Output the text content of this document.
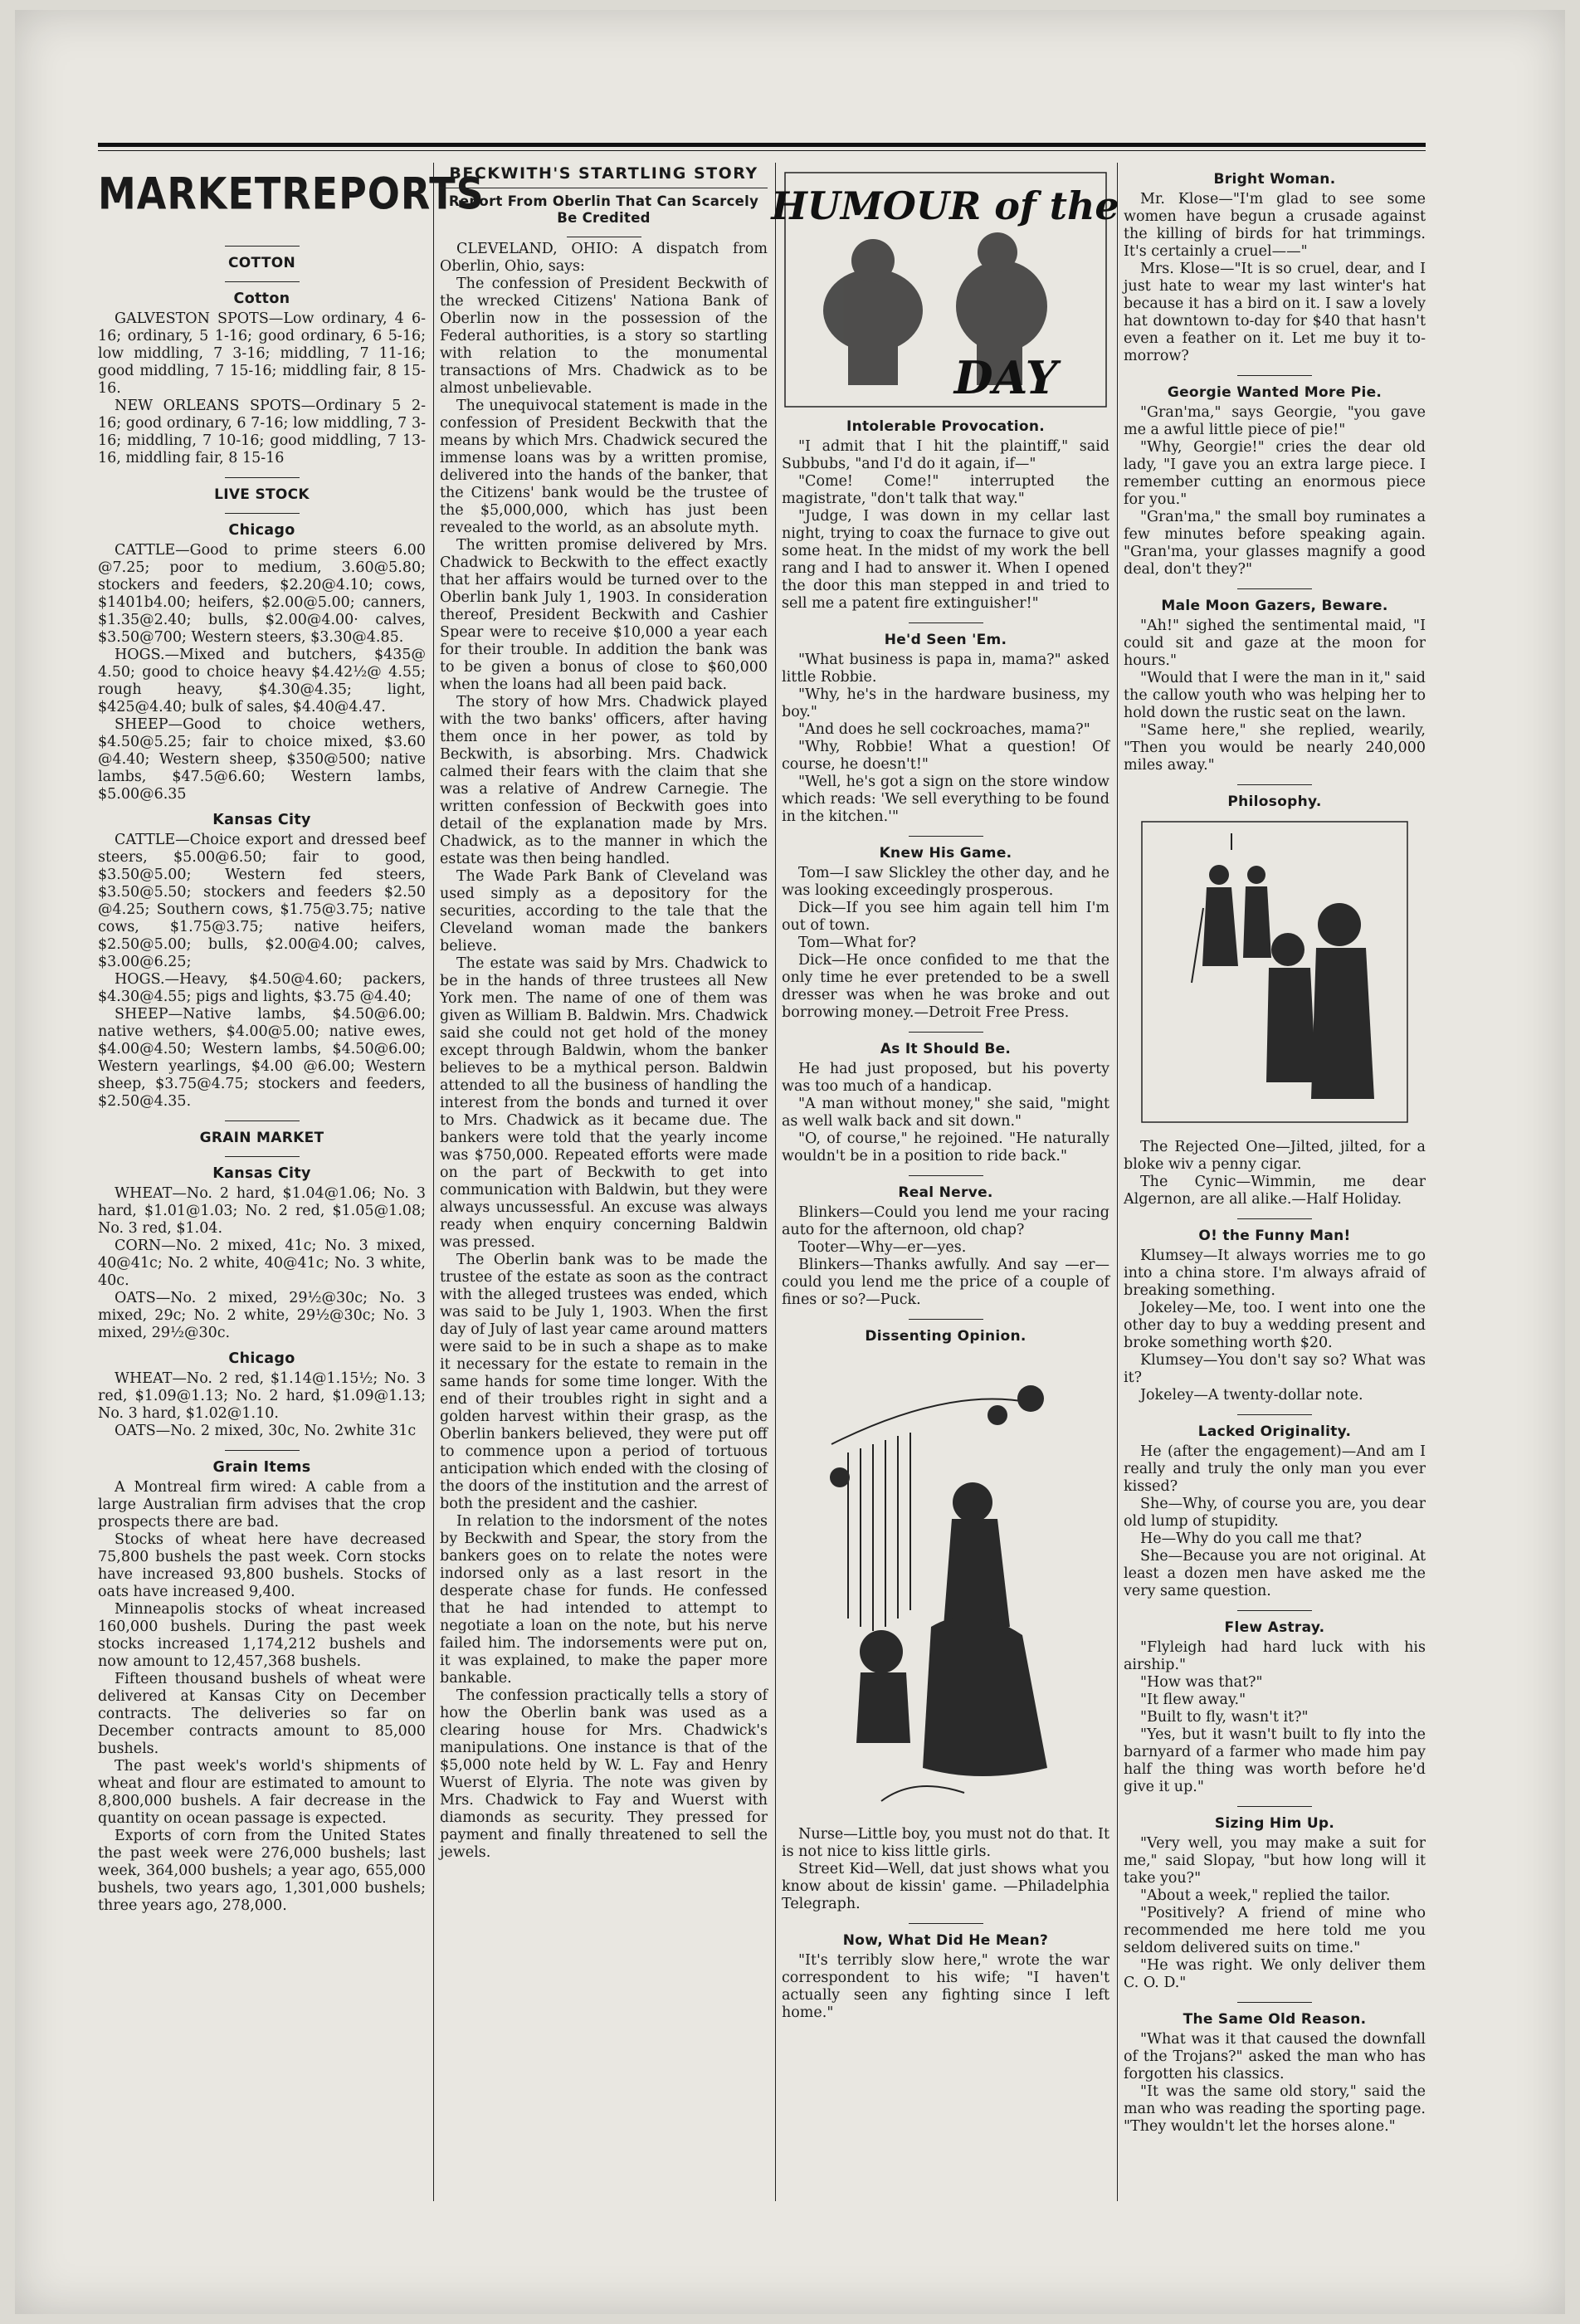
MARKET REPORTS
COTTON
Cotton

GALVESTON SPOTS—Low ordinary, 4 6-16; ordinary, 5 1-16; good ordinary, 6 5-16; low middling, 7 3-16; middling, 7 11-16; good middling, 7 15-16; middling fair, 8 15-16.

NEW ORLEANS SPOTS—Ordinary 5 2-16; good ordinary, 6 7-16; low middling, 7 3-16; middling, 7 10-16; good middling, 7 13-16, middling fair, 8 15-16

LIVE STOCK
Chicago

CATTLE—Good to prime steers 6.00 @7.25; poor to medium, 3.60@5.80; stockers and feeders, $2.20@4.10; cows, $1401b4.00; heifers, $2.00@5.00; canners, $1.35@2.40; bulls, $2.00@4.00· calves, $3.50@700; Western steers, $3.30@4.85.

HOGS.—Mixed and butchers, $435@ 4.50; good to choice heavy $4.42½@ 4.55; rough heavy, $4.30@4.35; light, $425@4.40; bulk of sales, $4.40@4.47.

SHEEP—Good to choice wethers, $4.50@5.25; fair to choice mixed, $3.60 @4.40; Western sheep, $350@500; native lambs, $47.5@6.60; Western lambs, $5.00@6.35

Kansas City

CATTLE—Choice export and dressed beef steers, $5.00@6.50; fair to good, $3.50@5.00; Western fed steers, $3.50@5.50; stockers and feeders $2.50 @4.25; Southern cows, $1.75@3.75; native cows, $1.75@3.75; native heifers, $2.50@5.00; bulls, $2.00@4.00; calves, $3.00@6.25;

HOGS.—Heavy, $4.50@4.60; packers, $4.30@4.55; pigs and lights, $3.75 @4.40;

SHEEP—Native lambs, $4.50@6.00; native wethers, $4.00@5.00; native ewes, $4.00@4.50; Western lambs, $4.50@6.00; Western yearlings, $4.00 @6.00; Western sheep, $3.75@4.75; stockers and feeders, $2.50@4.35.

GRAIN MARKET
Kansas City

WHEAT—No. 2 hard, $1.04@1.06; No. 3 hard, $1.01@1.03; No. 2 red, $1.05@1.08; No. 3 red, $1.04.

CORN—No. 2 mixed, 41c; No. 3 mixed, 40@41c; No. 2 white, 40@41c; No. 3 white, 40c.

OATS—No. 2 mixed, 29½@30c; No. 3 mixed, 29c; No. 2 white, 29½@30c; No. 3 mixed, 29½@30c.

Chicago

WHEAT—No. 2 red, $1.14@1.15½; No. 3 red, $1.09@1.13; No. 2 hard, $1.09@1.13; No. 3 hard, $1.02@1.10.

OATS—No. 2 mixed, 30c, No. 2white 31c

Grain Items

A Montreal firm wired: A cable from a large Australian firm advises that the crop prospects there are bad.

Stocks of wheat here have decreased 75,800 bushels the past week. Corn stocks have increased 93,800 bushels. Stocks of oats have increased 9,400.

Minneapolis stocks of wheat increased 160,000 bushels. During the past week stocks increased 1,174,212 bushels and now amount to 12,457,368 bushels.

Fifteen thousand bushels of wheat were delivered at Kansas City on December contracts. The deliveries so far on December contracts amount to 85,000 bushels.

The past week's world's shipments of wheat and flour are estimated to amount to 8,800,000 bushels. A fair decrease in the quantity on ocean passage is expected.

Exports of corn from the United States the past week were 276,000 bushels; last week, 364,000 bushels; a year ago, 655,000 bushels, two years ago, 1,301,000 bushels; three years ago, 278,000.

BECKWITH'S STARTLING STORY
Report From Oberlin That Can Scarcely Be Credited

CLEVELAND, OHIO: A dispatch from Oberlin, Ohio, says:

The confession of President Beckwith of the wrecked Citizens' Nationa Bank of Oberlin now in the possession of the Federal authorities, is a story so startling with relation to the monumental transactions of Mrs. Chadwick as to be almost unbelievable.

The unequivocal statement is made in the confession of President Beckwith that the means by which Mrs. Chadwick secured the immense loans was by a written promise, delivered into the hands of the banker, that the Citizens' bank would be the trustee of the $5,000,000, which has just been revealed to the world, as an absolute myth.

The written promise delivered by Mrs. Chadwick to Beckwith to the effect exactly that her affairs would be turned over to the Oberlin bank July 1, 1903. In consideration thereof, President Beckwith and Cashier Spear were to receive $10,000 a year each for their trouble. In addition the bank was to be given a bonus of close to $60,000 when the loans had all been paid back.

The story of how Mrs. Chadwick played with the two banks' officers, after having them once in her power, as told by Beckwith, is absorbing. Mrs. Chadwick calmed their fears with the claim that she was a relative of Andrew Carnegie. The written confession of Beckwith goes into detail of the explanation made by Mrs. Chadwick, as to the manner in which the estate was then being handled.

The Wade Park Bank of Cleveland was used simply as a depository for the securities, according to the tale that the Cleveland woman made the bankers believe.

The estate was said by Mrs. Chadwick to be in the hands of three trustees all New York men. The name of one of them was given as William B. Baldwin. Mrs. Chadwick said she could not get hold of the money except through Baldwin, whom the banker believes to be a mythical person. Baldwin attended to all the business of handling the interest from the bonds and turned it over to Mrs. Chadwick as it became due. The bankers were told that the yearly income was $750,000. Repeated efforts were made on the part of Beckwith to get into communication with Baldwin, but they were always uncussessful. An excuse was always ready when enquiry concerning Baldwin was pressed.

The Oberlin bank was to be made the trustee of the estate as soon as the contract with the alleged trustees was ended, which was said to be July 1, 1903. When the first day of July of last year came around matters were said to be in such a shape as to make it necessary for the estate to remain in the same hands for some time longer. With the end of their troubles right in sight and a golden harvest within their grasp, as the Oberlin bankers believed, they were put off to commence upon a period of tortuous anticipation which ended with the closing of the doors of the institution and the arrest of both the president and the cashier.

In relation to the indorsment of the notes by Beckwith and Spear, the story from the bankers goes on to relate the notes were indorsed only as a last resort in the desperate chase for funds. He confessed that he had intended to attempt to negotiate a loan on the note, but his nerve failed him. The indorsements were put on, it was explained, to make the paper more bankable.

The confession practically tells a story of how the Oberlin bank was used as a clearing house for Mrs. Chadwick's manipulations. One instance is that of the $5,000 note held by W. L. Fay and Henry Wuerst of Elyria. The note was given by Mrs. Chadwick to Fay and Wuerst with diamonds as security. They pressed for payment and finally threatened to sell the jewels.

HUMOUR of the
DAY
Intolerable Provocation.

"I admit that I hit the plaintiff," said Subbubs, "and I'd do it again, if—"

"Come! Come!" interrupted the magistrate, "don't talk that way."

"Judge, I was down in my cellar last night, trying to coax the furnace to give out some heat. In the midst of my work the bell rang and I had to answer it. When I opened the door this man stepped in and tried to sell me a patent fire extinguisher!"

He'd Seen 'Em.

"What business is papa in, mama?" asked little Robbie.

"Why, he's in the hardware business, my boy."

"And does he sell cockroaches, mama?"

"Why, Robbie! What a question! Of course, he doesn't!"

"Well, he's got a sign on the store window which reads: 'We sell everything to be found in the kitchen.'"

Knew His Game.

Tom—I saw Slickley the other day, and he was looking exceedingly prosperous.

Dick—If you see him again tell him I'm out of town.

Tom—What for?

Dick—He once confided to me that the only time he ever pretended to be a swell dresser was when he was broke and out borrowing money.—Detroit Free Press.

As It Should Be.

He had just proposed, but his poverty was too much of a handicap.

"A man without money," she said, "might as well walk back and sit down."

"O, of course," he rejoined. "He naturally wouldn't be in a position to ride back."

Real Nerve.

Blinkers—Could you lend me your racing auto for the afternoon, old chap?

Tooter—Why—er—yes.

Blinkers—Thanks awfully. And say —er—could you lend me the price of a couple of fines or so?—Puck.

Dissenting Opinion.

Nurse—Little boy, you must not do that. It is not nice to kiss little girls.

Street Kid—Well, dat just shows what you know about de kissin' game. —Philadelphia Telegraph.

Now, What Did He Mean?

"It's terribly slow here," wrote the war correspondent to his wife; "I haven't actually seen any fighting since I left home."

Bright Woman.

Mr. Klose—"I'm glad to see some women have begun a crusade against the killing of birds for hat trimmings. It's certainly a cruel——"

Mrs. Klose—"It is so cruel, dear, and I just hate to wear my last winter's hat because it has a bird on it. I saw a lovely hat downtown to-day for $40 that hasn't even a feather on it. Let me buy it to-morrow?

Georgie Wanted More Pie.

"Gran'ma," says Georgie, "you gave me a awful little piece of pie!"

"Why, Georgie!" cries the dear old lady, "I gave you an extra large piece. I remember cutting an enormous piece for you."

"Gran'ma," the small boy ruminates a few minutes before speaking again. "Gran'ma, your glasses magnify a good deal, don't they?"

Male Moon Gazers, Beware.

"Ah!" sighed the sentimental maid, "I could sit and gaze at the moon for hours."

"Would that I were the man in it," said the callow youth who was helping her to hold down the rustic seat on the lawn.

"Same here," she replied, wearily, "Then you would be nearly 240,000 miles away."

Philosophy.

The Rejected One—Jilted, jilted, for a bloke wiv a penny cigar.

The Cynic—Wimmin, me dear Algernon, are all alike.—Half Holiday.

O! the Funny Man!

Klumsey—It always worries me to go into a china store. I'm always afraid of breaking something.

Jokeley—Me, too. I went into one the other day to buy a wedding present and broke something worth $20.

Klumsey—You don't say so? What was it?

Jokeley—A twenty-dollar note.

Lacked Originality.

He (after the engagement)—And am I really and truly the only man you ever kissed?

She—Why, of course you are, you dear old lump of stupidity.

He—Why do you call me that?

She—Because you are not original. At least a dozen men have asked me the very same question.

Flew Astray.

"Flyleigh had hard luck with his airship."

"How was that?"

"It flew away."

"Built to fly, wasn't it?"

"Yes, but it wasn't built to fly into the barnyard of a farmer who made him pay half the thing was worth before he'd give it up."

Sizing Him Up.

"Very well, you may make a suit for me," said Slopay, "but how long will it take you?"

"About a week," replied the tailor.

"Positively? A friend of mine who recommended me here told me you seldom delivered suits on time."

"He was right. We only deliver them C. O. D."

The Same Old Reason.

"What was it that caused the downfall of the Trojans?" asked the man who has forgotten his classics.

"It was the same old story," said the man who was reading the sporting page. "They wouldn't let the horses alone."
